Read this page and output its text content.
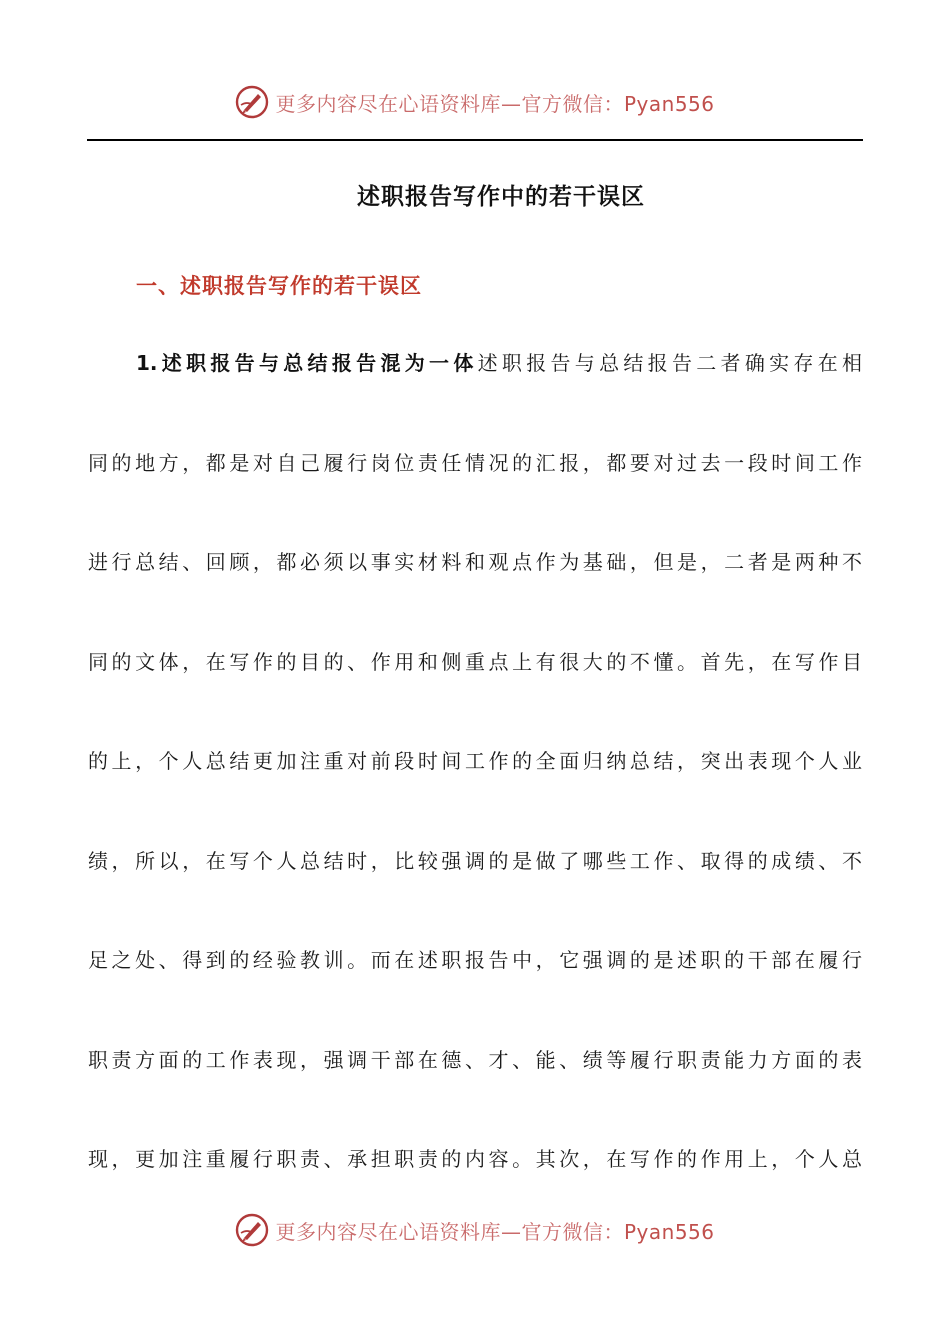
更多内容尽在心语资料库—官方微信：Pyan556
述职报告写作中的若干误区
一、述职报告写作的若干误区
1.述职报告与总结报告混为一体述职报告与总结报告二者确实存在相
同的地方，都是对自己履行岗位责任情况的汇报，都要对过去一段时间工作
进行总结、回顾，都必须以事实材料和观点作为基础，但是，二者是两种不
同的文体，在写作的目的、作用和侧重点上有很大的不懂。首先，在写作目
的上，个人总结更加注重对前段时间工作的全面归纳总结，突出表现个人业
绩，所以，在写个人总结时，比较强调的是做了哪些工作、取得的成绩、不
足之处、得到的经验教训。而在述职报告中，它强调的是述职的干部在履行
职责方面的工作表现，强调干部在德、才、能、绩等履行职责能力方面的表
现，更加注重履行职责、承担职责的内容。其次，在写作的作用上，个人总
更多内容尽在心语资料库—官方微信：Pyan556
